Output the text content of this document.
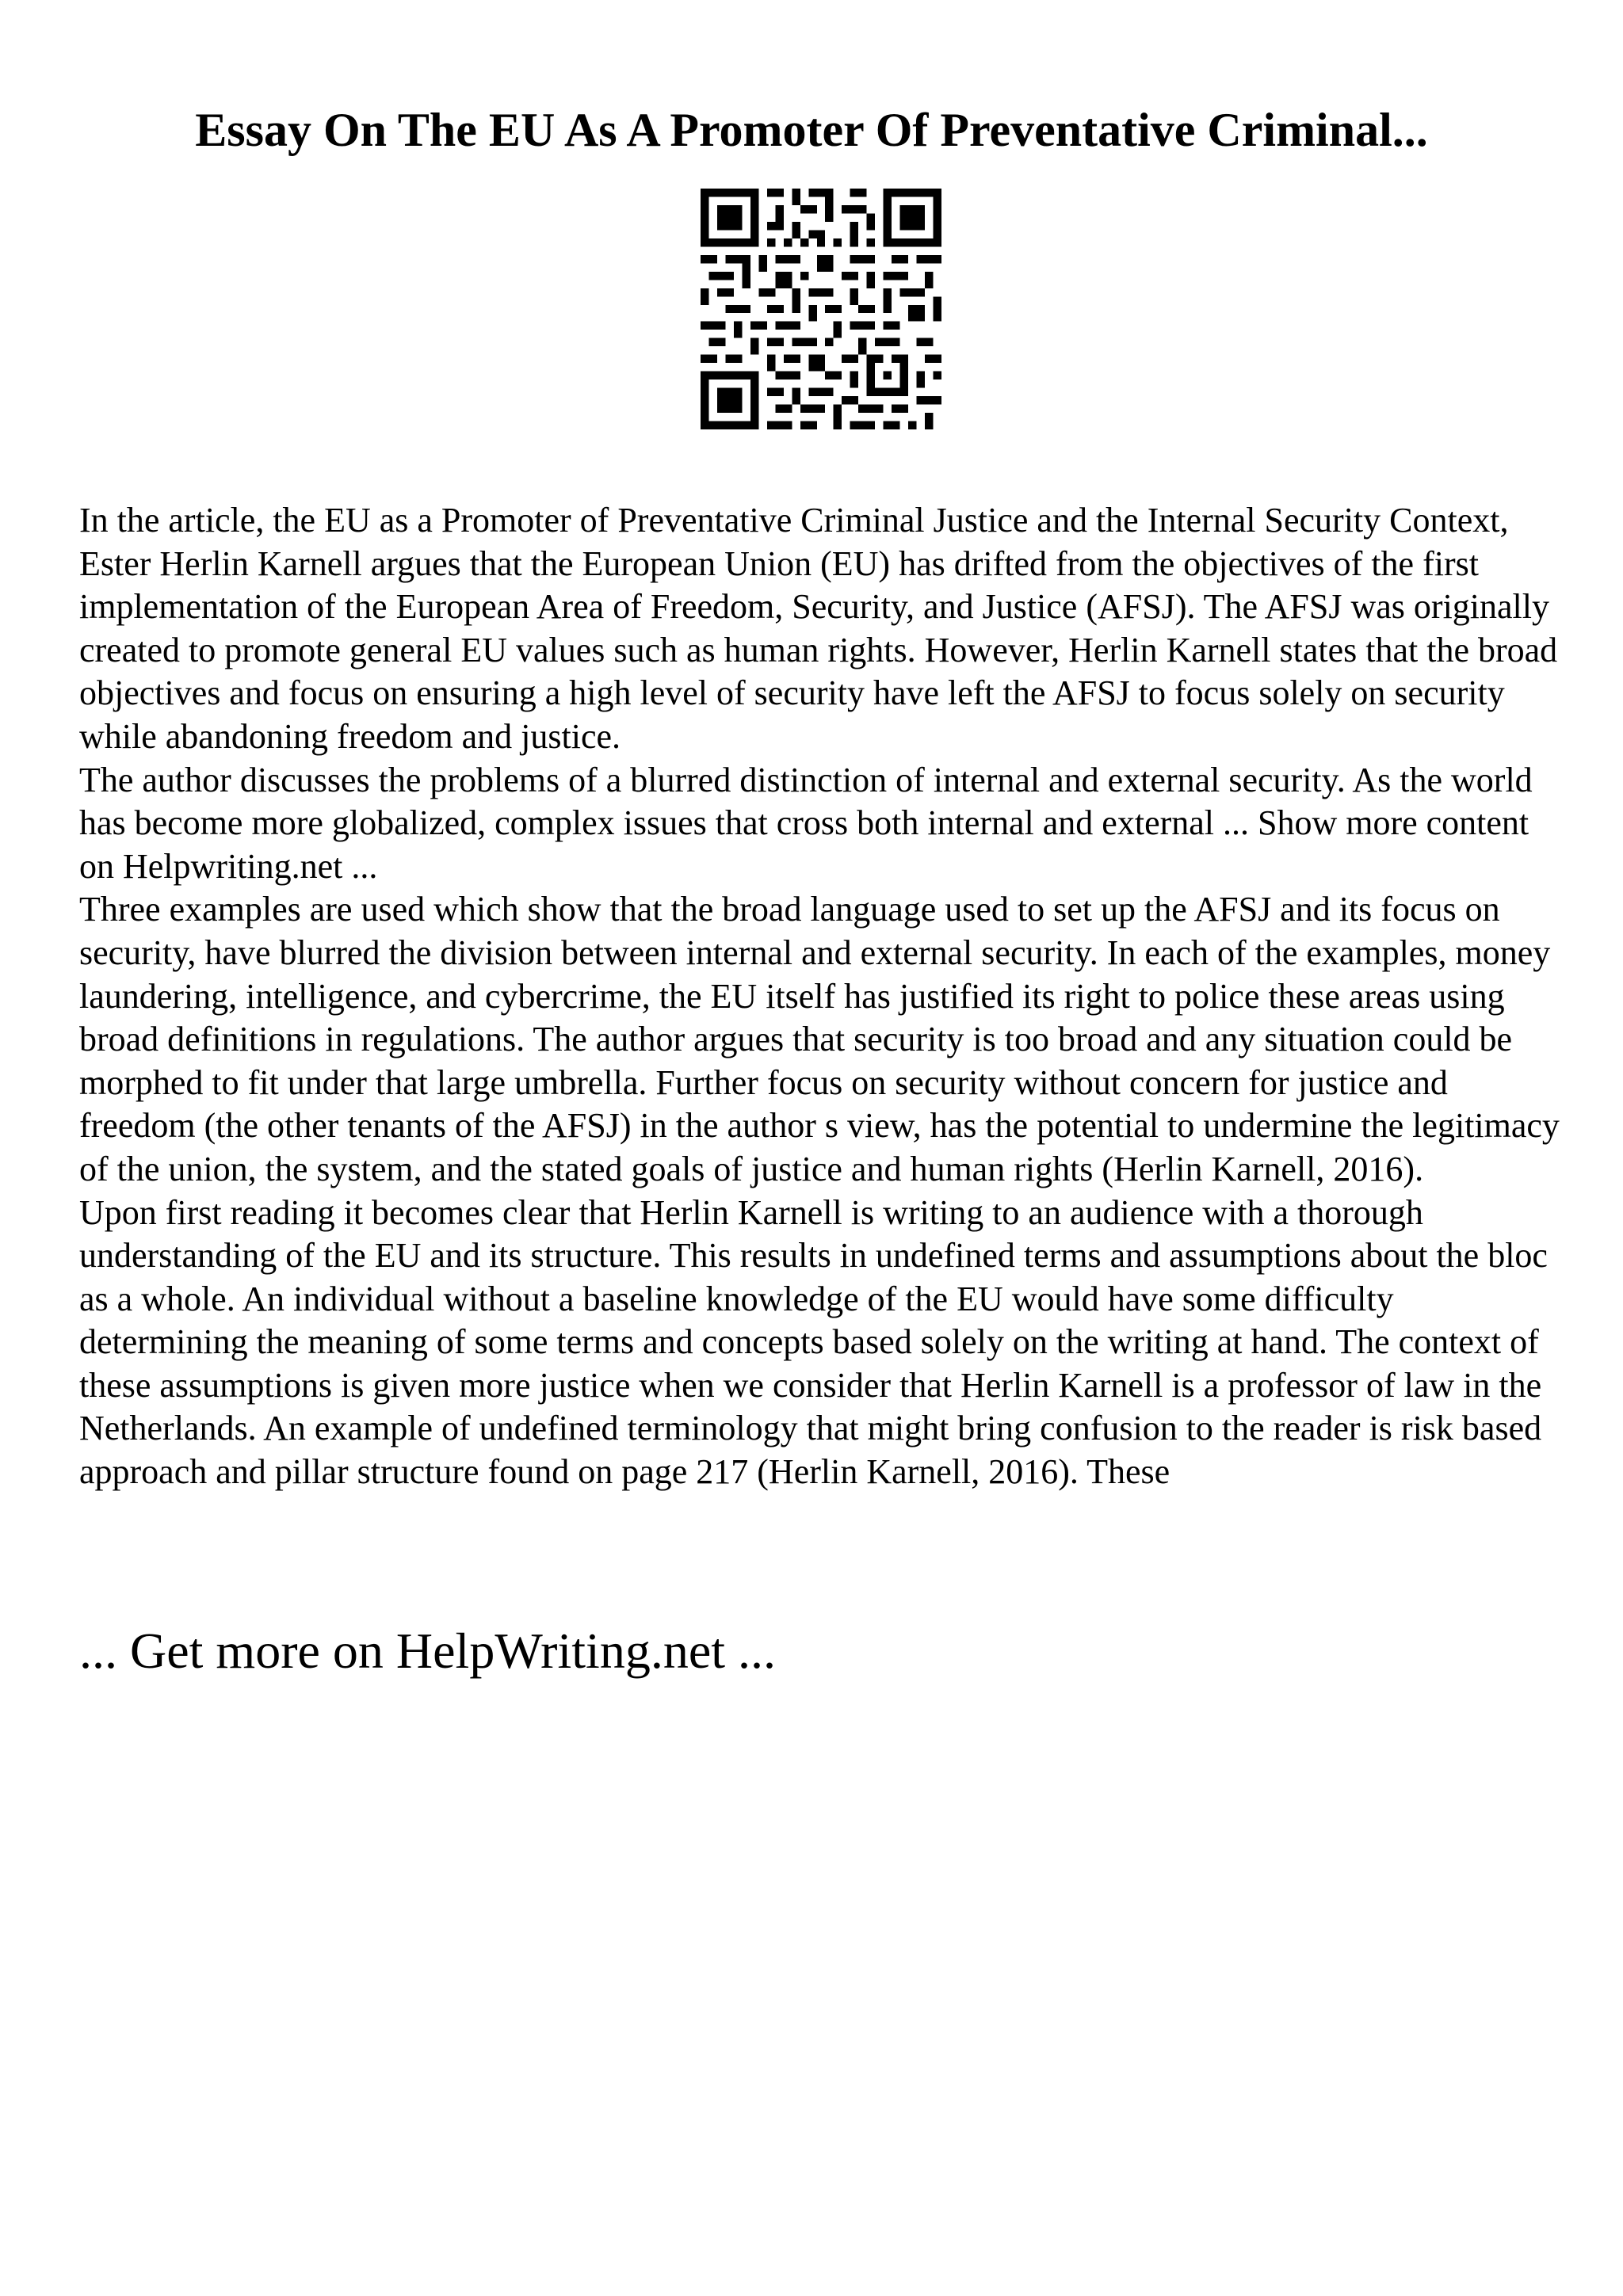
Essay On The EU As A Promoter Of Preventative Criminal...

In the article, the EU as a Promoter of Preventative Criminal Justice and the Internal Security Context, Ester Herlin Karnell argues that the European Union (EU) has drifted from the objectives of the first implementation of the European Area of Freedom, Security, and Justice (AFSJ). The AFSJ was originally created to promote general EU values such as human rights. However, Herlin Karnell states that the broad objectives and focus on ensuring a high level of security have left the AFSJ to focus solely on security while abandoning freedom and justice.

The author discusses the problems of a blurred distinction of internal and external security. As the world has become more globalized, complex issues that cross both internal and external ... Show more content on Helpwriting.net ...

Three examples are used which show that the broad language used to set up the AFSJ and its focus on security, have blurred the division between internal and external security. In each of the examples, money laundering, intelligence, and cybercrime, the EU itself has justified its right to police these areas using broad definitions in regulations. The author argues that security is too broad and any situation could be morphed to fit under that large umbrella. Further focus on security without concern for justice and freedom (the other tenants of the AFSJ) in the author s view, has the potential to undermine the legitimacy of the union, the system, and the stated goals of justice and human rights (Herlin Karnell, 2016).

Upon first reading it becomes clear that Herlin Karnell is writing to an audience with a thorough understanding of the EU and its structure. This results in undefined terms and assumptions about the bloc as a whole. An individual without a baseline knowledge of the EU would have some difficulty determining the meaning of some terms and concepts based solely on the writing at hand. The context of these assumptions is given more justice when we consider that Herlin Karnell is a professor of law in the Netherlands. An example of undefined terminology that might bring confusion to the reader is risk based approach and pillar structure found on page 217 (Herlin Karnell, 2016). These

... Get more on HelpWriting.net ...
